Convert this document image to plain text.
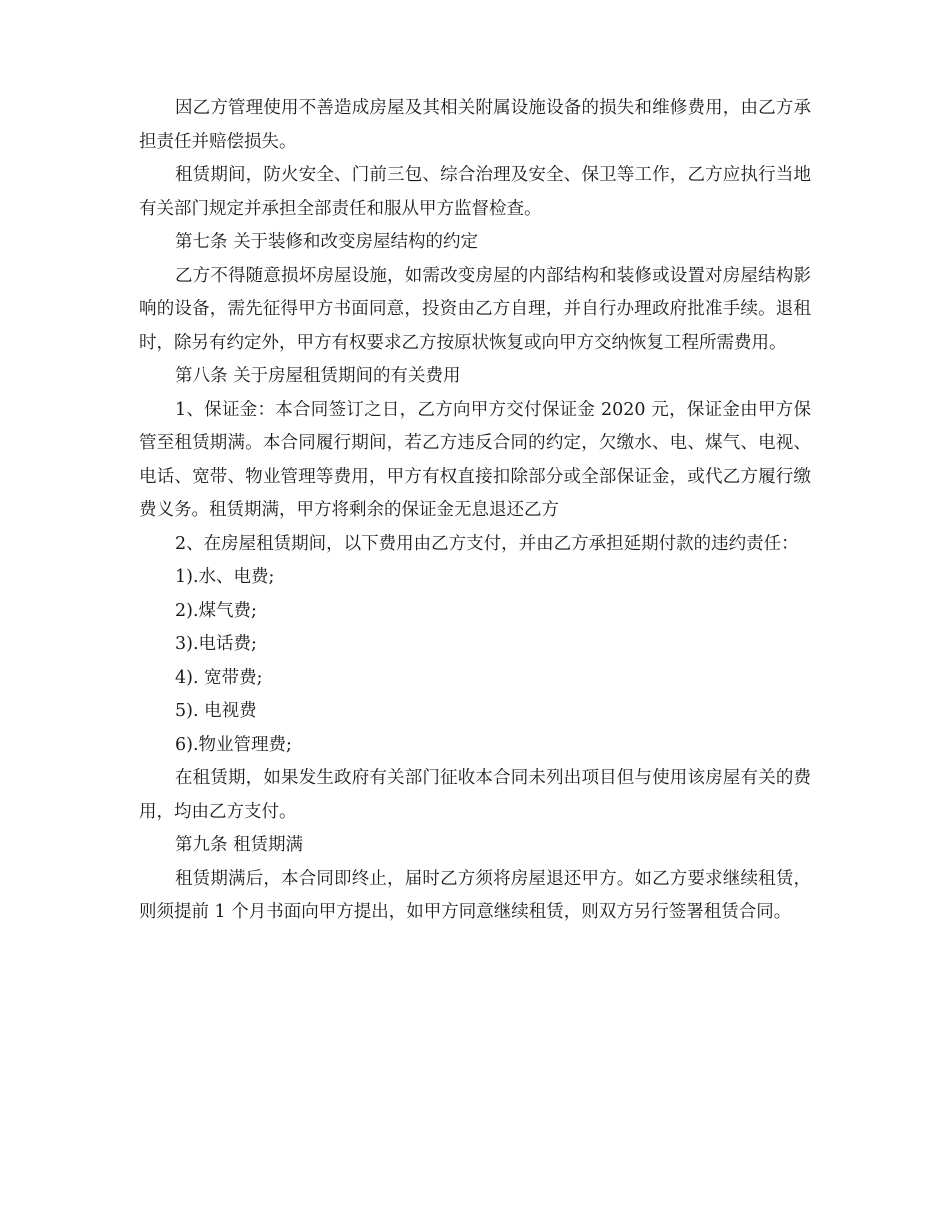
因乙方管理使用不善造成房屋及其相关附属设施设备的损失和维修费用，由乙方承担责任并赔偿损失。

租赁期间，防火安全、门前三包、综合治理及安全、保卫等工作，乙方应执行当地有关部门规定并承担全部责任和服从甲方监督检查。

第七条 关于装修和改变房屋结构的约定

乙方不得随意损坏房屋设施，如需改变房屋的内部结构和装修或设置对房屋结构影响的设备，需先征得甲方书面同意，投资由乙方自理，并自行办理政府批准手续。退租时，除另有约定外，甲方有权要求乙方按原状恢复或向甲方交纳恢复工程所需费用。

第八条 关于房屋租赁期间的有关费用

1、保证金：本合同签订之日，乙方向甲方交付保证金 2020 元，保证金由甲方保管至租赁期满。本合同履行期间，若乙方违反合同的约定，欠缴水、电、煤气、电视、电话、宽带、物业管理等费用，甲方有权直接扣除部分或全部保证金，或代乙方履行缴费义务。租赁期满，甲方将剩余的保证金无息退还乙方

2、在房屋租赁期间，以下费用由乙方支付，并由乙方承担延期付款的违约责任：

1).水、电费;

2).煤气费;

3).电话费;

4). 宽带费;

5). 电视费

6).物业管理费;

在租赁期，如果发生政府有关部门征收本合同未列出项目但与使用该房屋有关的费用，均由乙方支付。

第九条 租赁期满

租赁期满后，本合同即终止，届时乙方须将房屋退还甲方。如乙方要求继续租赁，则须提前 1 个月书面向甲方提出，如甲方同意继续租赁，则双方另行签署租赁合同。
